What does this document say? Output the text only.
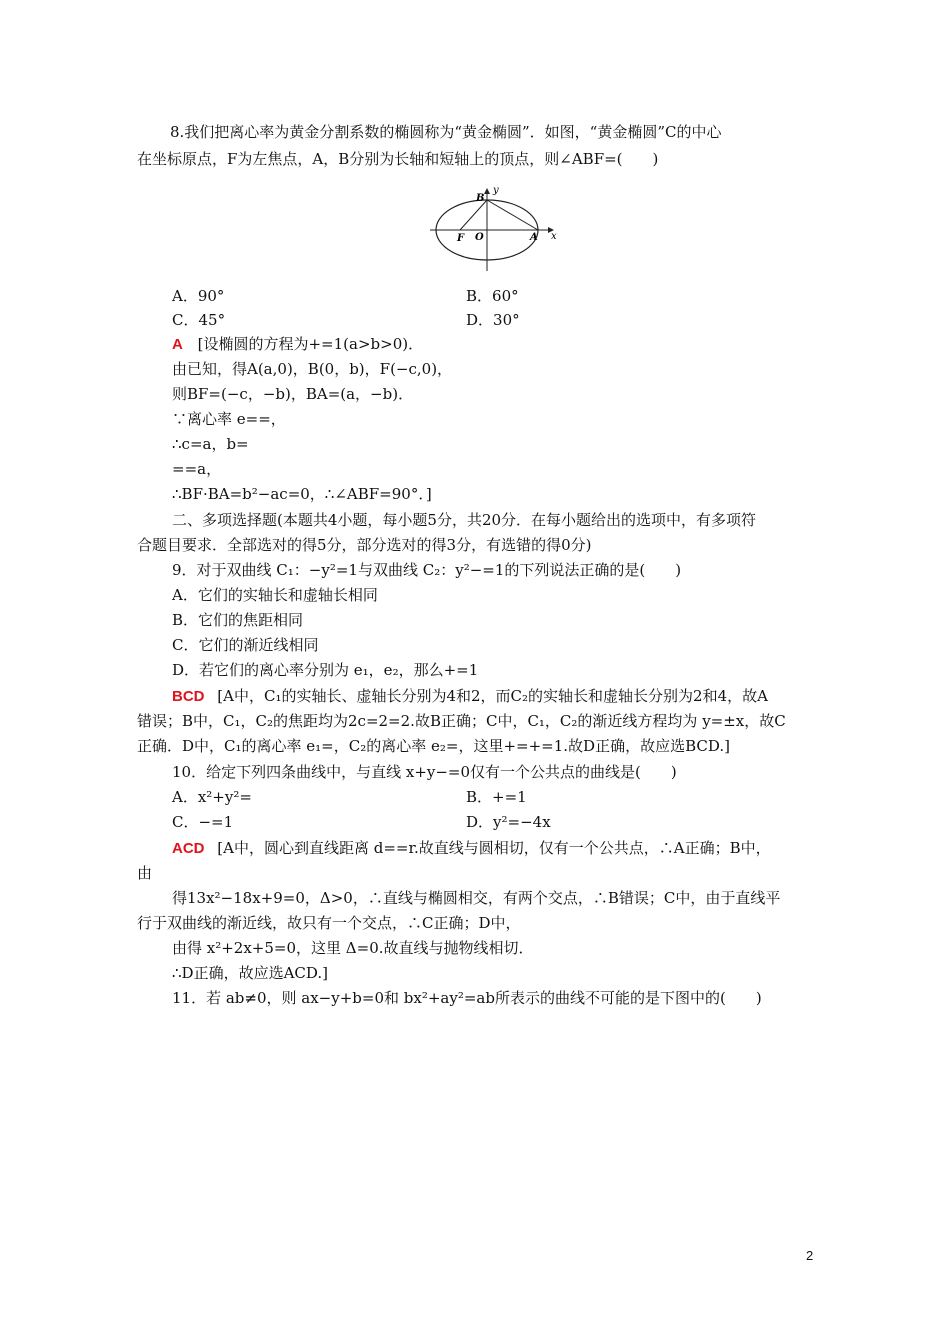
8.我们把离心率为黄金分割系数的椭圆称为“黄金椭圆”．如图，“黄金椭圆”C的中心
在坐标原点，F为左焦点，A，B分别为长轴和短轴上的顶点，则∠ABF=(　　)
y
x
B
F O	A
A．90°	B．60°
C．45°	D．30°
A [设椭圆的方程为+=1(a>b>0)．
由已知，得A(a,0)，B(0，b)，F(−c,0)，
则BF=(−c，−b)，BA=(a，−b)．
∵离心率 e==，
∴c=a，b=
==a，
∴BF·BA=b²−ac=0，∴∠ABF=90°．]
二、多项选择题(本题共4小题，每小题5分，共20分．在每小题给出的选项中，有多项符
合题目要求．全部选对的得5分，部分选对的得3分，有选错的得0分)
9．对于双曲线 C₁：−y²=1与双曲线 C₂：y²−=1的下列说法正确的是(　　)
A．它们的实轴长和虚轴长相同
B．它们的焦距相同
C．它们的渐近线相同
D．若它们的离心率分别为 e₁，e₂，那么+=1
BCD [A中，C₁的实轴长、虚轴长分别为4和2，而C₂的实轴长和虚轴长分别为2和4，故A
错误；B中，C₁，C₂的焦距均为2c=2=2.故B正确；C中，C₁，C₂的渐近线方程均为 y=±x，故C
正确．D中，C₁的离心率 e₁=，C₂的离心率 e₂=，这里+=+=1.故D正确，故应选BCD.]
10．给定下列四条曲线中，与直线 x+y−=0仅有一个公共点的曲线是(　　)
A．x²+y²=	B．+=1
C．−=1	D．y²=−4x
ACD [A中，圆心到直线距离 d==r.故直线与圆相切，仅有一个公共点，∴A正确；B中，
由
得13x²−18x+9=0，Δ>0，∴直线与椭圆相交，有两个交点，∴B错误；C中，由于直线平
行于双曲线的渐近线，故只有一个交点，∴C正确；D中，
由得 x²+2x+5=0，这里 Δ=0.故直线与抛物线相切．
∴D正确，故应选ACD.]
11．若 ab≠0，则 ax−y+b=0和 bx²+ay²=ab所表示的曲线不可能的是下图中的(　　)
2
